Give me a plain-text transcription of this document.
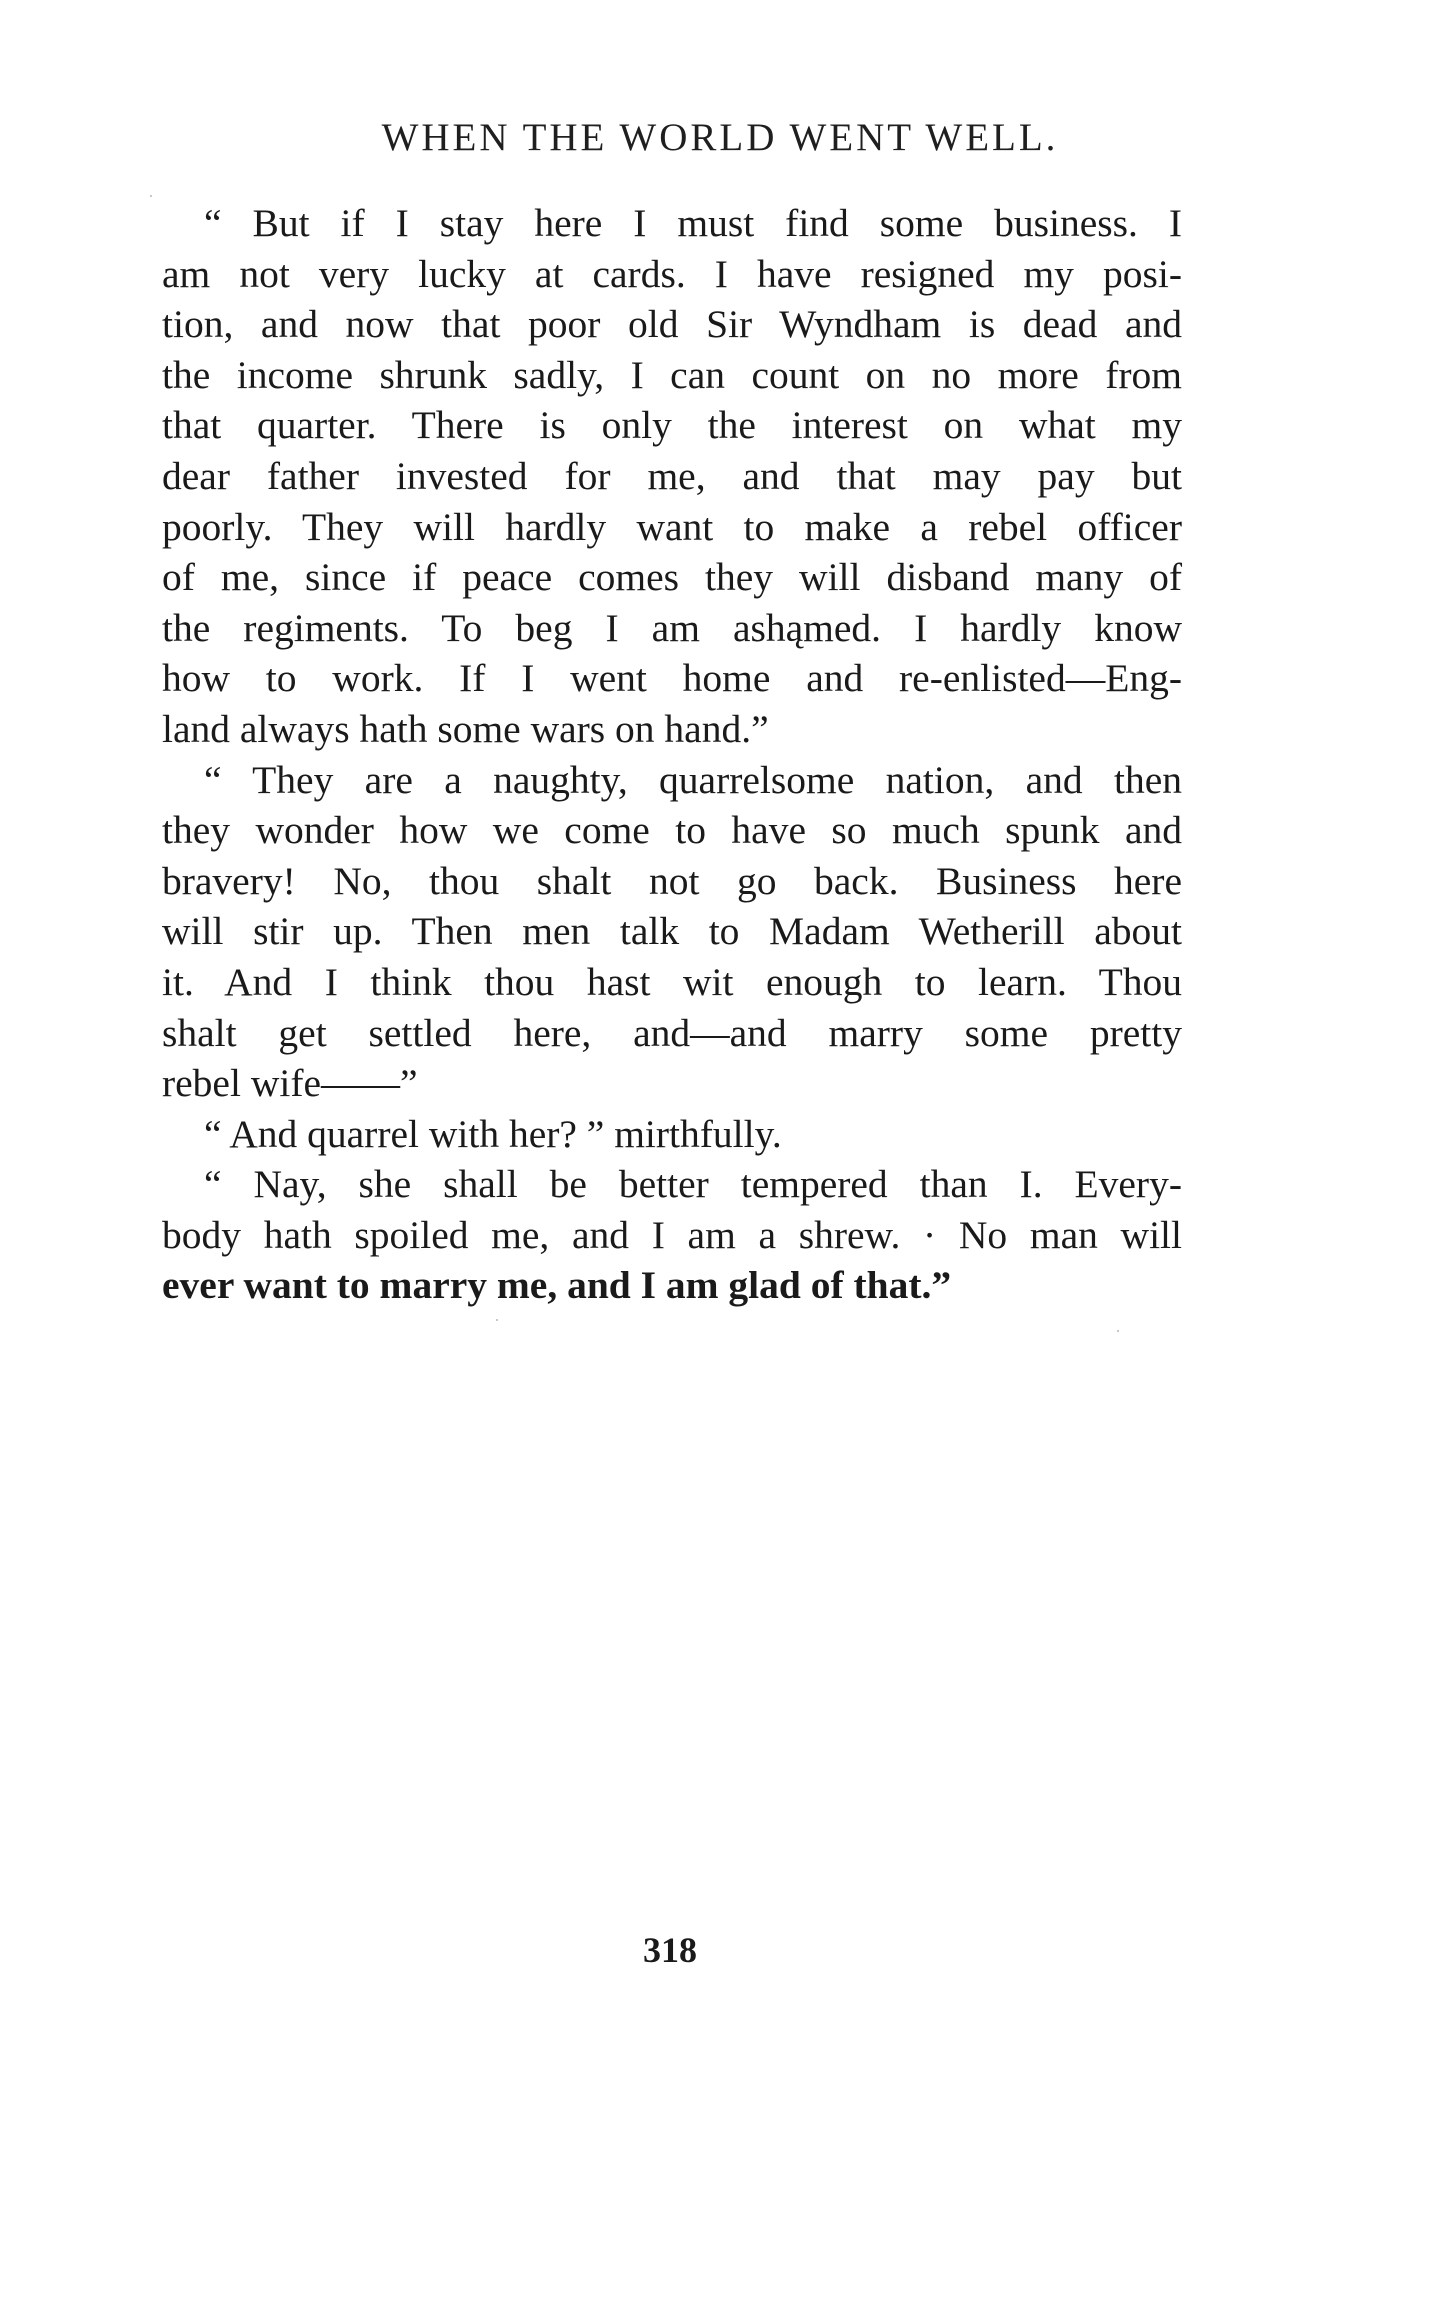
WHEN THE WORLD WENT WELL.
“ But if I stay here I must find some business. I
am not very lucky at cards. I have resigned my posi-
tion, and now that poor old Sir Wyndham is dead and
the income shrunk sadly, I can count on no more from
that quarter. There is only the interest on what my
dear father invested for me, and that may pay but
poorly. They will hardly want to make a rebel officer
of me, since if peace comes they will disband many of
the regiments. To beg I am ashąmed. I hardly know
how to work. If I went home and re-enlisted—Eng-
land always hath some wars on hand.”
“ They are a naughty, quarrelsome nation, and then
they wonder how we come to have so much spunk and
bravery! No, thou shalt not go back. Business here
will stir up. Then men talk to Madam Wetherill about
it. And I think thou hast wit enough to learn. Thou
shalt get settled here, and—and marry some pretty
rebel wife——”
“ And quarrel with her? ” mirthfully.
“ Nay, she shall be better tempered than I. Every-
body hath spoiled me, and I am a shrew. · No man will
ever want to marry me, and I am glad of that.”
318
